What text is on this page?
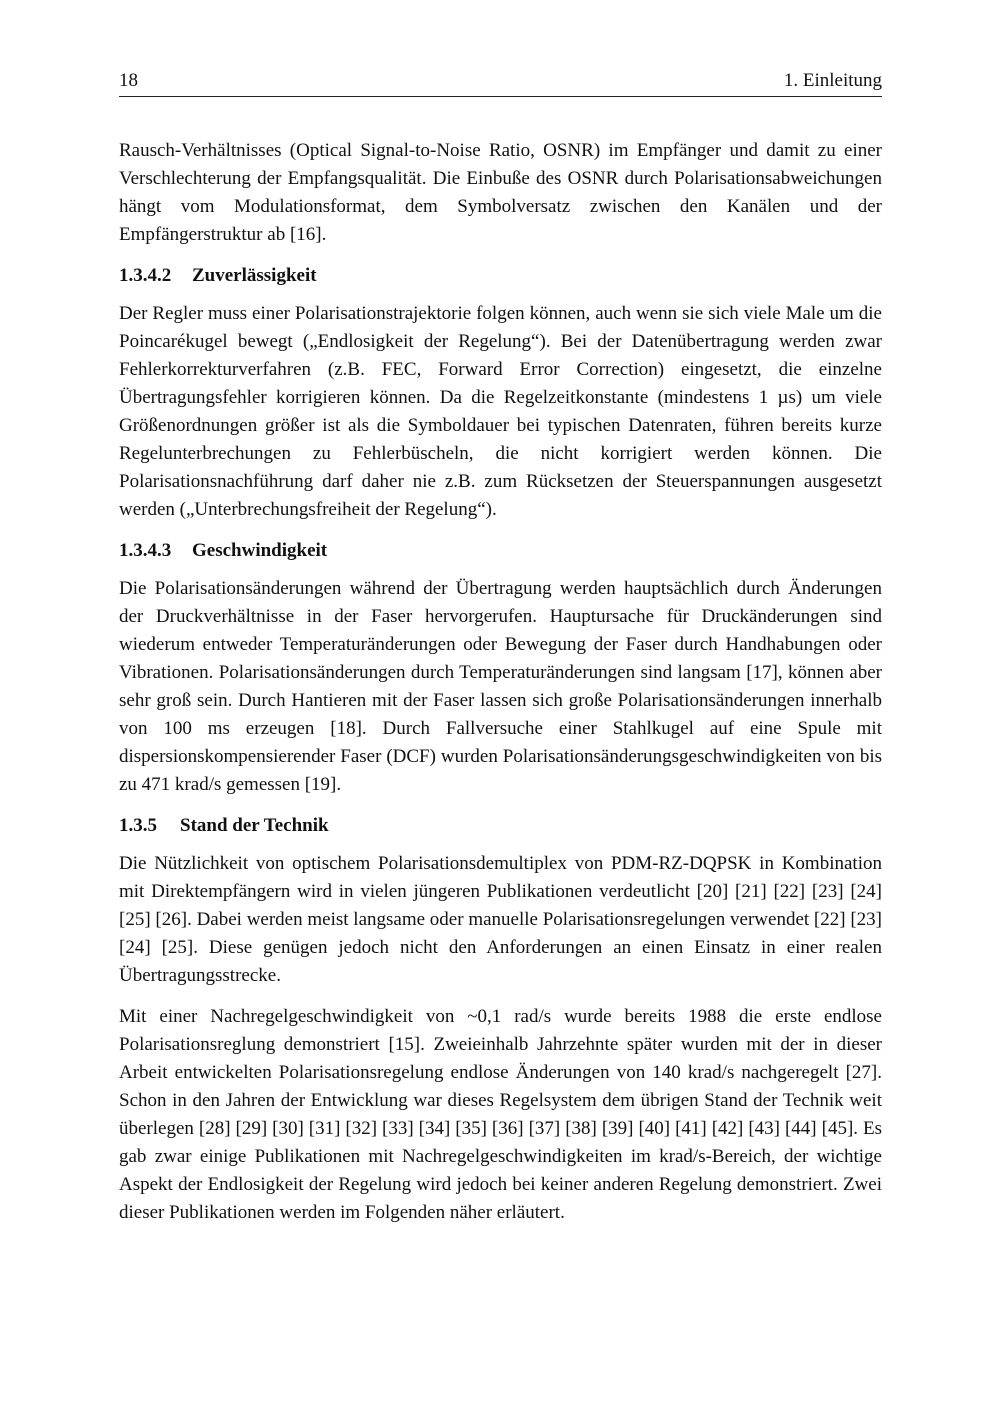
18	1. Einleitung

Rausch-Verhältnisses (Optical Signal-to-Noise Ratio, OSNR) im Empfänger und damit zu einer Verschlechterung der Empfangsqualität. Die Einbuße des OSNR durch Polarisationsabweichungen hängt vom Modulationsformat, dem Symbolversatz zwischen den Kanälen und der Empfängerstruktur ab [16].

1.3.4.2 Zuverlässigkeit

Der Regler muss einer Polarisationstrajektorie folgen können, auch wenn sie sich viele Male um die Poincarékugel bewegt („Endlosigkeit der Regelung“). Bei der Datenübertragung werden zwar Fehlerkorrekturverfahren (z.B. FEC, Forward Error Correction) eingesetzt, die einzelne Übertragungsfehler korrigieren können. Da die Regelzeitkonstante (mindestens 1 µs) um viele Größenordnungen größer ist als die Symboldauer bei typischen Datenraten, führen bereits kurze Regelunterbrechungen zu Fehlerbüscheln, die nicht korrigiert werden können. Die Polarisationsnachführung darf daher nie z.B. zum Rücksetzen der Steuerspannungen ausgesetzt werden („Unterbrechungsfreiheit der Regelung“).

1.3.4.3 Geschwindigkeit

Die Polarisationsänderungen während der Übertragung werden hauptsächlich durch Änderungen der Druckverhältnisse in der Faser hervorgerufen. Hauptursache für Druckänderungen sind wiederum entweder Temperaturänderungen oder Bewegung der Faser durch Handhabungen oder Vibrationen. Polarisationsänderungen durch Temperaturänderungen sind langsam [17], können aber sehr groß sein. Durch Hantieren mit der Faser lassen sich große Polarisationsänderungen innerhalb von 100 ms erzeugen [18]. Durch Fallversuche einer Stahlkugel auf eine Spule mit dispersionskompensierender Faser (DCF) wurden Polarisationsänderungsgeschwindigkeiten von bis zu 471 krad/s gemessen [19].

1.3.5 Stand der Technik

Die Nützlichkeit von optischem Polarisationsdemultiplex von PDM-RZ-DQPSK in Kombination mit Direktempfängern wird in vielen jüngeren Publikationen verdeutlicht [20] [21] [22] [23] [24] [25] [26]. Dabei werden meist langsame oder manuelle Polarisationsregelungen verwendet [22] [23] [24] [25]. Diese genügen jedoch nicht den Anforderungen an einen Einsatz in einer realen Übertragungsstrecke.

Mit einer Nachregelgeschwindigkeit von ~0,1 rad/s wurde bereits 1988 die erste endlose Polarisationsreglung demonstriert [15]. Zweieinhalb Jahrzehnte später wurden mit der in dieser Arbeit entwickelten Polarisationsregelung endlose Änderungen von 140 krad/s nachgeregelt [27]. Schon in den Jahren der Entwicklung war dieses Regelsystem dem übrigen Stand der Technik weit überlegen [28] [29] [30] [31] [32] [33] [34] [35] [36] [37] [38] [39] [40] [41] [42] [43] [44] [45]. Es gab zwar einige Publikationen mit Nachregelgeschwindigkeiten im krad/s-Bereich, der wichtige Aspekt der Endlosigkeit der Regelung wird jedoch bei keiner anderen Regelung demonstriert. Zwei dieser Publikationen werden im Folgenden näher erläutert.
